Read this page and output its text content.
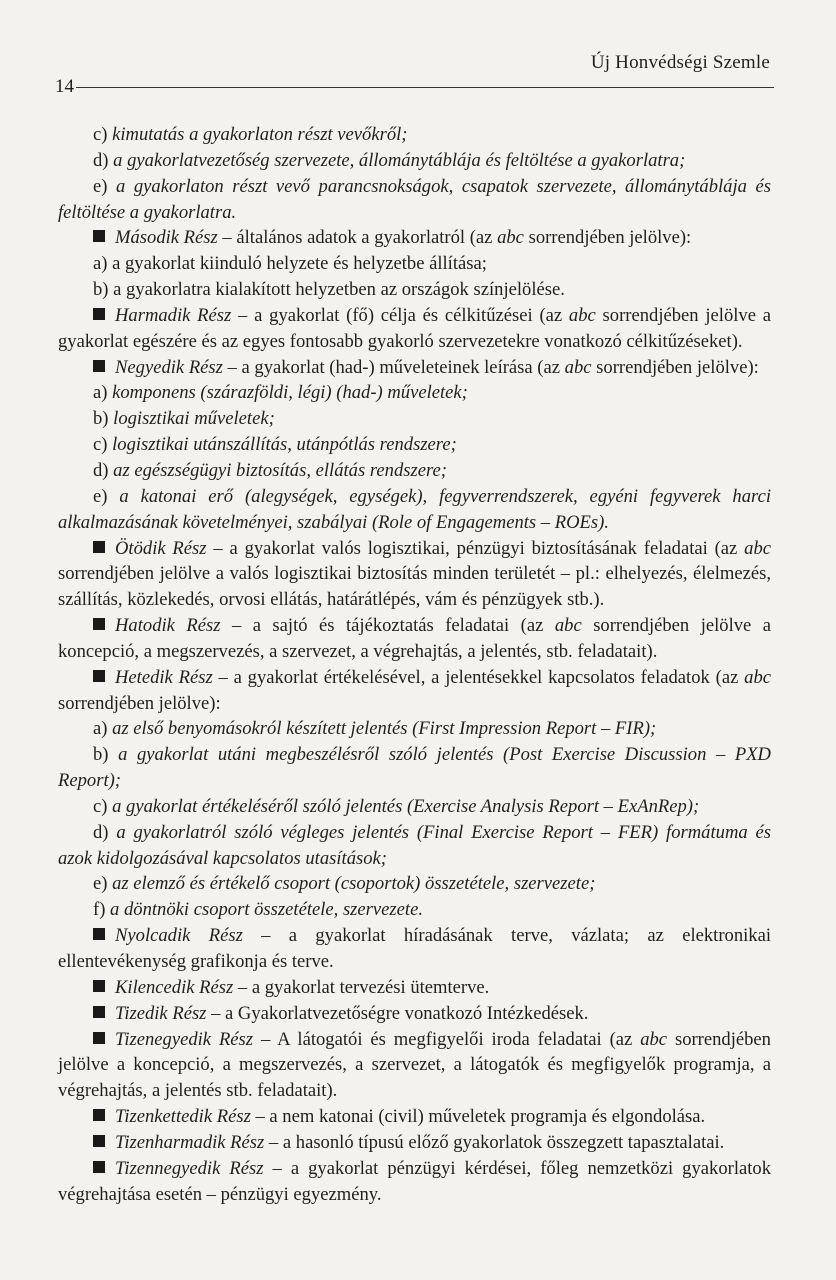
Új Honvédségi Szemle
14

c) kimutatás a gyakorlaton részt vevőkről;

d) a gyakorlatvezetőség szervezete, állománytáblája és feltöltése a gyakorlatra;

e) a gyakorlaton részt vevő parancsnokságok, csapatok szervezete, állománytáblája és feltöltése a gyakorlatra.

Második Rész – általános adatok a gyakorlatról (az abc sorrendjében jelölve):

a) a gyakorlat kiinduló helyzete és helyzetbe állítása;

b) a gyakorlatra kialakított helyzetben az országok színjelölése.

Harmadik Rész – a gyakorlat (fő) célja és célkitűzései (az abc sorrendjében jelölve a gyakorlat egészére és az egyes fontosabb gyakorló szervezetekre vonatkozó célkitűzéseket).

Negyedik Rész – a gyakorlat (had-) műveleteinek leírása (az abc sorrendjében jelölve):

a) komponens (szárazföldi, légi) (had-) műveletek;

b) logisztikai műveletek;

c) logisztikai utánszállítás, utánpótlás rendszere;

d) az egészségügyi biztosítás, ellátás rendszere;

e) a katonai erő (alegységek, egységek), fegyverrendszerek, egyéni fegyverek harci alkalmazásának követelményei, szabályai (Role of Engagements – ROEs).

Ötödik Rész – a gyakorlat valós logisztikai, pénzügyi biztosításának feladatai (az abc sorrendjében jelölve a valós logisztikai biztosítás minden területét – pl.: elhelyezés, élelmezés, szállítás, közlekedés, orvosi ellátás, határátlépés, vám és pénzügyek stb.).

Hatodik Rész – a sajtó és tájékoztatás feladatai (az abc sorrendjében jelölve a koncepció, a megszervezés, a szervezet, a végrehajtás, a jelentés, stb. feladatait).

Hetedik Rész – a gyakorlat értékelésével, a jelentésekkel kapcsolatos feladatok (az abc sorrendjében jelölve):

a) az első benyomásokról készített jelentés (First Impression Report – FIR);

b) a gyakorlat utáni megbeszélésről szóló jelentés (Post Exercise Discussion – PXD Report);

c) a gyakorlat értékeléséről szóló jelentés (Exercise Analysis Report – ExAnRep);

d) a gyakorlatról szóló végleges jelentés (Final Exercise Report – FER) formátuma és azok kidolgozásával kapcsolatos utasítások;

e) az elemző és értékelő csoport (csoportok) összetétele, szervezete;

f) a döntnöki csoport összetétele, szervezete.

Nyolcadik Rész – a gyakorlat híradásának terve, vázlata; az elektronikai ellentevékenység grafikonja és terve.

Kilencedik Rész – a gyakorlat tervezési ütemterve.

Tizedik Rész – a Gyakorlatvezetőségre vonatkozó Intézkedések.

Tizenegyedik Rész – A látogatói és megfigyelői iroda feladatai (az abc sorrendjében jelölve a koncepció, a megszervezés, a szervezet, a látogatók és megfigyelők programja, a végrehajtás, a jelentés stb. feladatait).

Tizenkettedik Rész – a nem katonai (civil) műveletek programja és elgondolása.

Tizenharmadik Rész – a hasonló típusú előző gyakorlatok összegzett tapasztalatai.

Tizennegyedik Rész – a gyakorlat pénzügyi kérdései, főleg nemzetközi gyakorlatok végrehajtása esetén – pénzügyi egyezmény.
